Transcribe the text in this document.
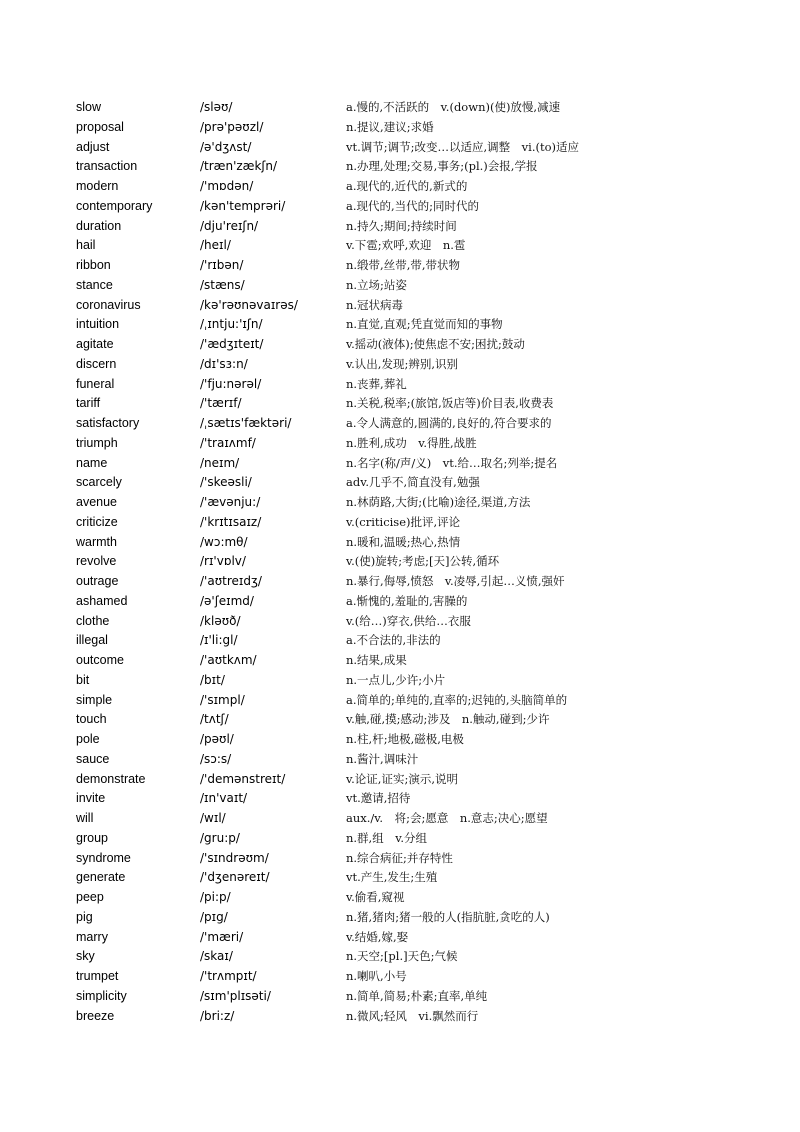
slow	/sləʊ/	a.慢的,不活跃的　v.(down)(使)放慢,减速
proposal	/prə'pəʊzl/	n.提议,建议;求婚
adjust	/ə'dʒʌst/	vt.调节;调节;改变…以适应,调整　vi.(to)适应
transaction	/træn'zækʃn/	n.办理,处理;交易,事务;(pl.)会报,学报
modern	/'mɒdən/	a.现代的,近代的,新式的
contemporary	/kən'temprəri/	a.现代的,当代的;同时代的
duration	/dju'reɪʃn/	n.持久;期间;持续时间
hail	/heɪl/	v.下雹;欢呼,欢迎　n.雹
ribbon	/'rɪbən/	n.缎带,丝带,带,带状物
stance	/stæns/	n.立场;站姿
coronavirus	/kə'rəʊnəvaɪrəs/	n.冠状病毒
intuition	/ˌɪntju:'ɪʃn/	n.直觉,直观;凭直觉而知的事物
agitate	/'ædʒɪteɪt/	v.摇动(液体);使焦虑不安;困扰;鼓动
discern	/dɪ'sɜ:n/	v.认出,发现;辨别,识别
funeral	/'fju:nərəl/	n.丧葬,葬礼
tariff	/'tærɪf/	n.关税,税率;(旅馆,饭店等)价目表,收费表
satisfactory	/ˌsætɪs'fæktəri/	a.令人满意的,圆满的,良好的,符合要求的
triumph	/'traɪʌmf/	n.胜利,成功　v.得胜,战胜
name	/neɪm/	n.名字(称/声/义)　vt.给…取名;列举;提名
scarcely	/'skeəsli/	adv.几乎不,简直没有,勉强
avenue	/'ævənju:/	n.林荫路,大街;(比喻)途径,渠道,方法
criticize	/'krɪtɪsaɪz/	v.(criticise)批评,评论
warmth	/wɔ:mθ/	n.暖和,温暖;热心,热情
revolve	/rɪ'vɒlv/	v.(使)旋转;考虑;[天]公转,循环
outrage	/'aʊtreɪdʒ/	n.暴行,侮辱,愤怒　v.凌辱,引起…义愤,强奸
ashamed	/ə'ʃeɪmd/	a.惭愧的,羞耻的,害臊的
clothe	/kləʊð/	v.(给…)穿衣,供给…衣服
illegal	/ɪ'li:gl/	a.不合法的,非法的
outcome	/'aʊtkʌm/	n.结果,成果
bit	/bɪt/	n.一点儿,少许;小片
simple	/'sɪmpl/	a.简单的;单纯的,直率的;迟钝的,头脑简单的
touch	/tʌtʃ/	v.触,碰,摸;感动;涉及　n.触动,碰到;少许
pole	/pəʊl/	n.柱,杆;地极,磁极,电极
sauce	/sɔ:s/	n.酱汁,调味汁
demonstrate	/'demənstreɪt/	v.论证,证实;演示,说明
invite	/ɪn'vaɪt/	vt.邀请,招待
will	/wɪl/	aux./v.　将;会;愿意　n.意志;决心;愿望
group	/gru:p/	n.群,组　v.分组
syndrome	/'sɪndrəʊm/	n.综合病征;并存特性
generate	/'dʒenəreɪt/	vt.产生,发生;生殖
peep	/pi:p/	v.偷看,窥视
pig	/pɪg/	n.猪,猪肉;猪一般的人(指肮脏,贪吃的人)
marry	/'mæri/	v.结婚,嫁,娶
sky	/skaɪ/	n.天空;[pl.]天色;气候
trumpet	/'trʌmpɪt/	n.喇叭,小号
simplicity	/sɪm'plɪsəti/	n.简单,简易;朴素;直率,单纯
breeze	/bri:z/	n.微风;轻风　vi.飘然而行
